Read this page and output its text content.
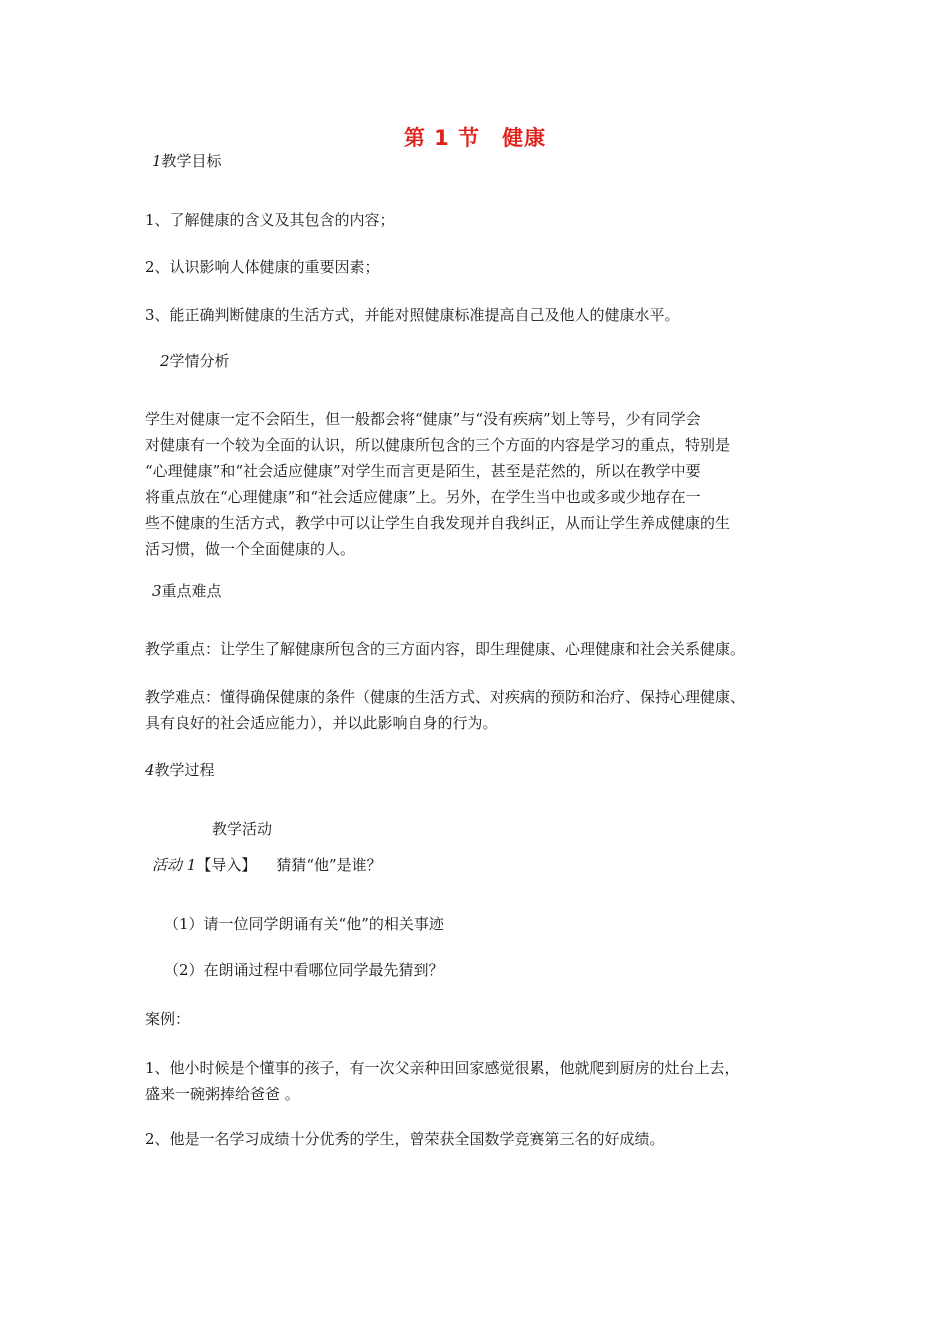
第 1 节 健康
1教学目标
1、了解健康的含义及其包含的内容；
2、认识影响人体健康的重要因素；
3、能正确判断健康的生活方式，并能对照健康标准提高自己及他人的健康水平。
2学情分析
学生对健康一定不会陌生，但一般都会将“健康”与“没有疾病”划上等号，少有同学会
对健康有一个较为全面的认识，所以健康所包含的三个方面的内容是学习的重点，特别是
“心理健康”和“社会适应健康”对学生而言更是陌生，甚至是茫然的，所以在教学中要
将重点放在“心理健康”和“社会适应健康”上。另外，在学生当中也或多或少地存在一
些不健康的生活方式，教学中可以让学生自我发现并自我纠正，从而让学生养成健康的生
活习惯，做一个全面健康的人。
3重点难点
教学重点：让学生了解健康所包含的三方面内容，即生理健康、心理健康和社会关系健康。
教学难点：懂得确保健康的条件（健康的生活方式、对疾病的预防和治疗、保持心理健康、
具有良好的社会适应能力），并以此影响自身的行为。
4教学过程
教学活动
活动 1【导入】 猜猜“他”是谁？
（1）请一位同学朗诵有关“他”的相关事迹
（2）在朗诵过程中看哪位同学最先猜到？
案例：
1、他小时候是个懂事的孩子，有一次父亲种田回家感觉很累，他就爬到厨房的灶台上去，
盛来一碗粥捧给爸爸 。
2、他是一名学习成绩十分优秀的学生，曾荣获全国数学竞赛第三名的好成绩。
